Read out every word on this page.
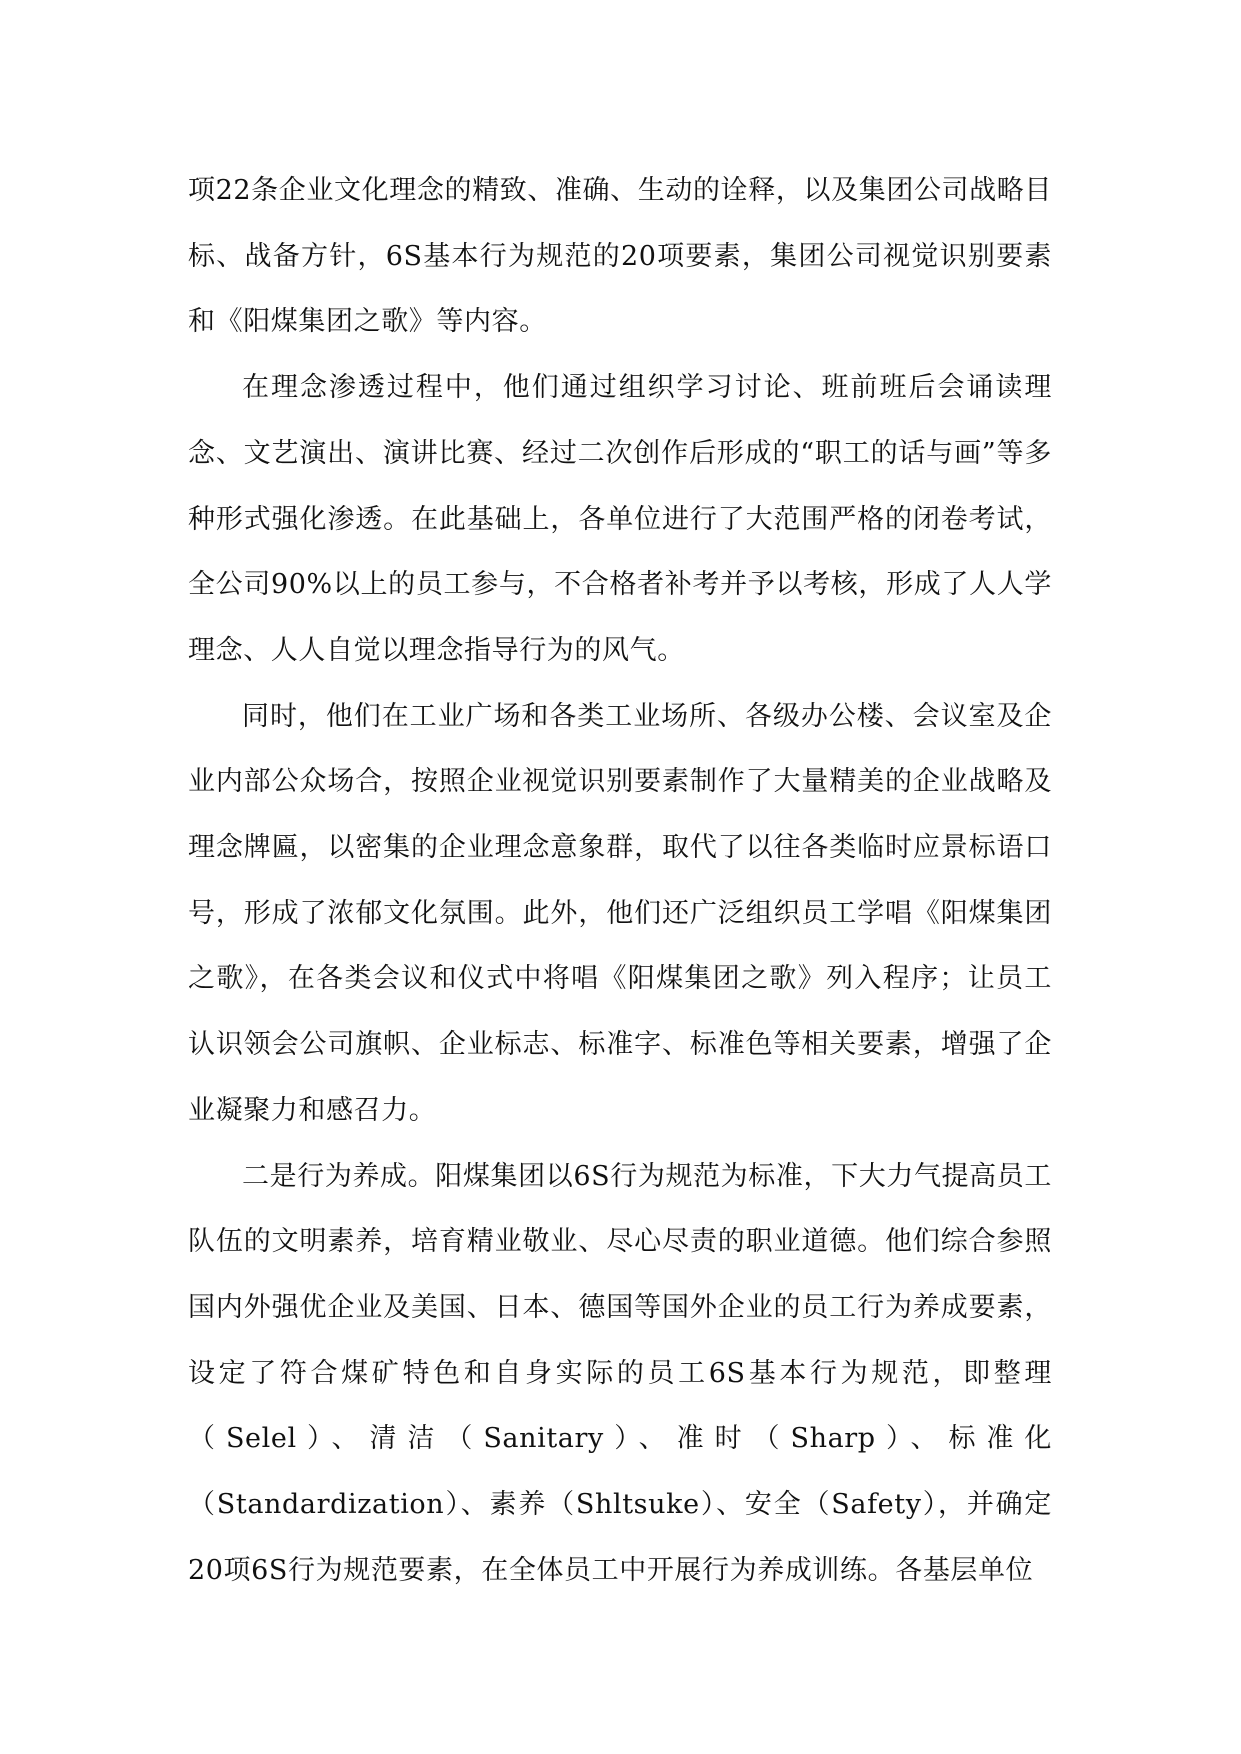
项22条企业文化理念的精致、准确、生动的诠释，以及集团公司战略目标、战备方针，6S基本行为规范的20项要素，集团公司视觉识别要素和《阳煤集团之歌》等内容。

在理念渗透过程中，他们通过组织学习讨论、班前班后会诵读理念、文艺演出、演讲比赛、经过二次创作后形成的“职工的话与画”等多种形式强化渗透。在此基础上，各单位进行了大范围严格的闭卷考试，全公司90%以上的员工参与，不合格者补考并予以考核，形成了人人学理念、人人自觉以理念指导行为的风气。

同时，他们在工业广场和各类工业场所、各级办公楼、会议室及企业内部公众场合，按照企业视觉识别要素制作了大量精美的企业战略及理念牌匾，以密集的企业理念意象群，取代了以往各类临时应景标语口号，形成了浓郁文化氛围。此外，他们还广泛组织员工学唱《阳煤集团之歌》，在各类会议和仪式中将唱《阳煤集团之歌》列入程序；让员工认识领会公司旗帜、企业标志、标准字、标准色等相关要素，增强了企业凝聚力和感召力。

二是行为养成。阳煤集团以6S行为规范为标准，下大力气提高员工队伍的文明素养，培育精业敬业、尽心尽责的职业道德。他们综合参照国内外强优企业及美国、日本、德国等国外企业的员工行为养成要素，设定了符合煤矿特色和自身实际的员工6S基本行为规范，即整理（Selel）、清洁（Sanitary）、准时（Sharp）、标准化（Standardization）、素养（Shltsuke）、安全（Safety），并确定20项6S行为规范要素，在全体员工中开展行为养成训练。各基层单位
